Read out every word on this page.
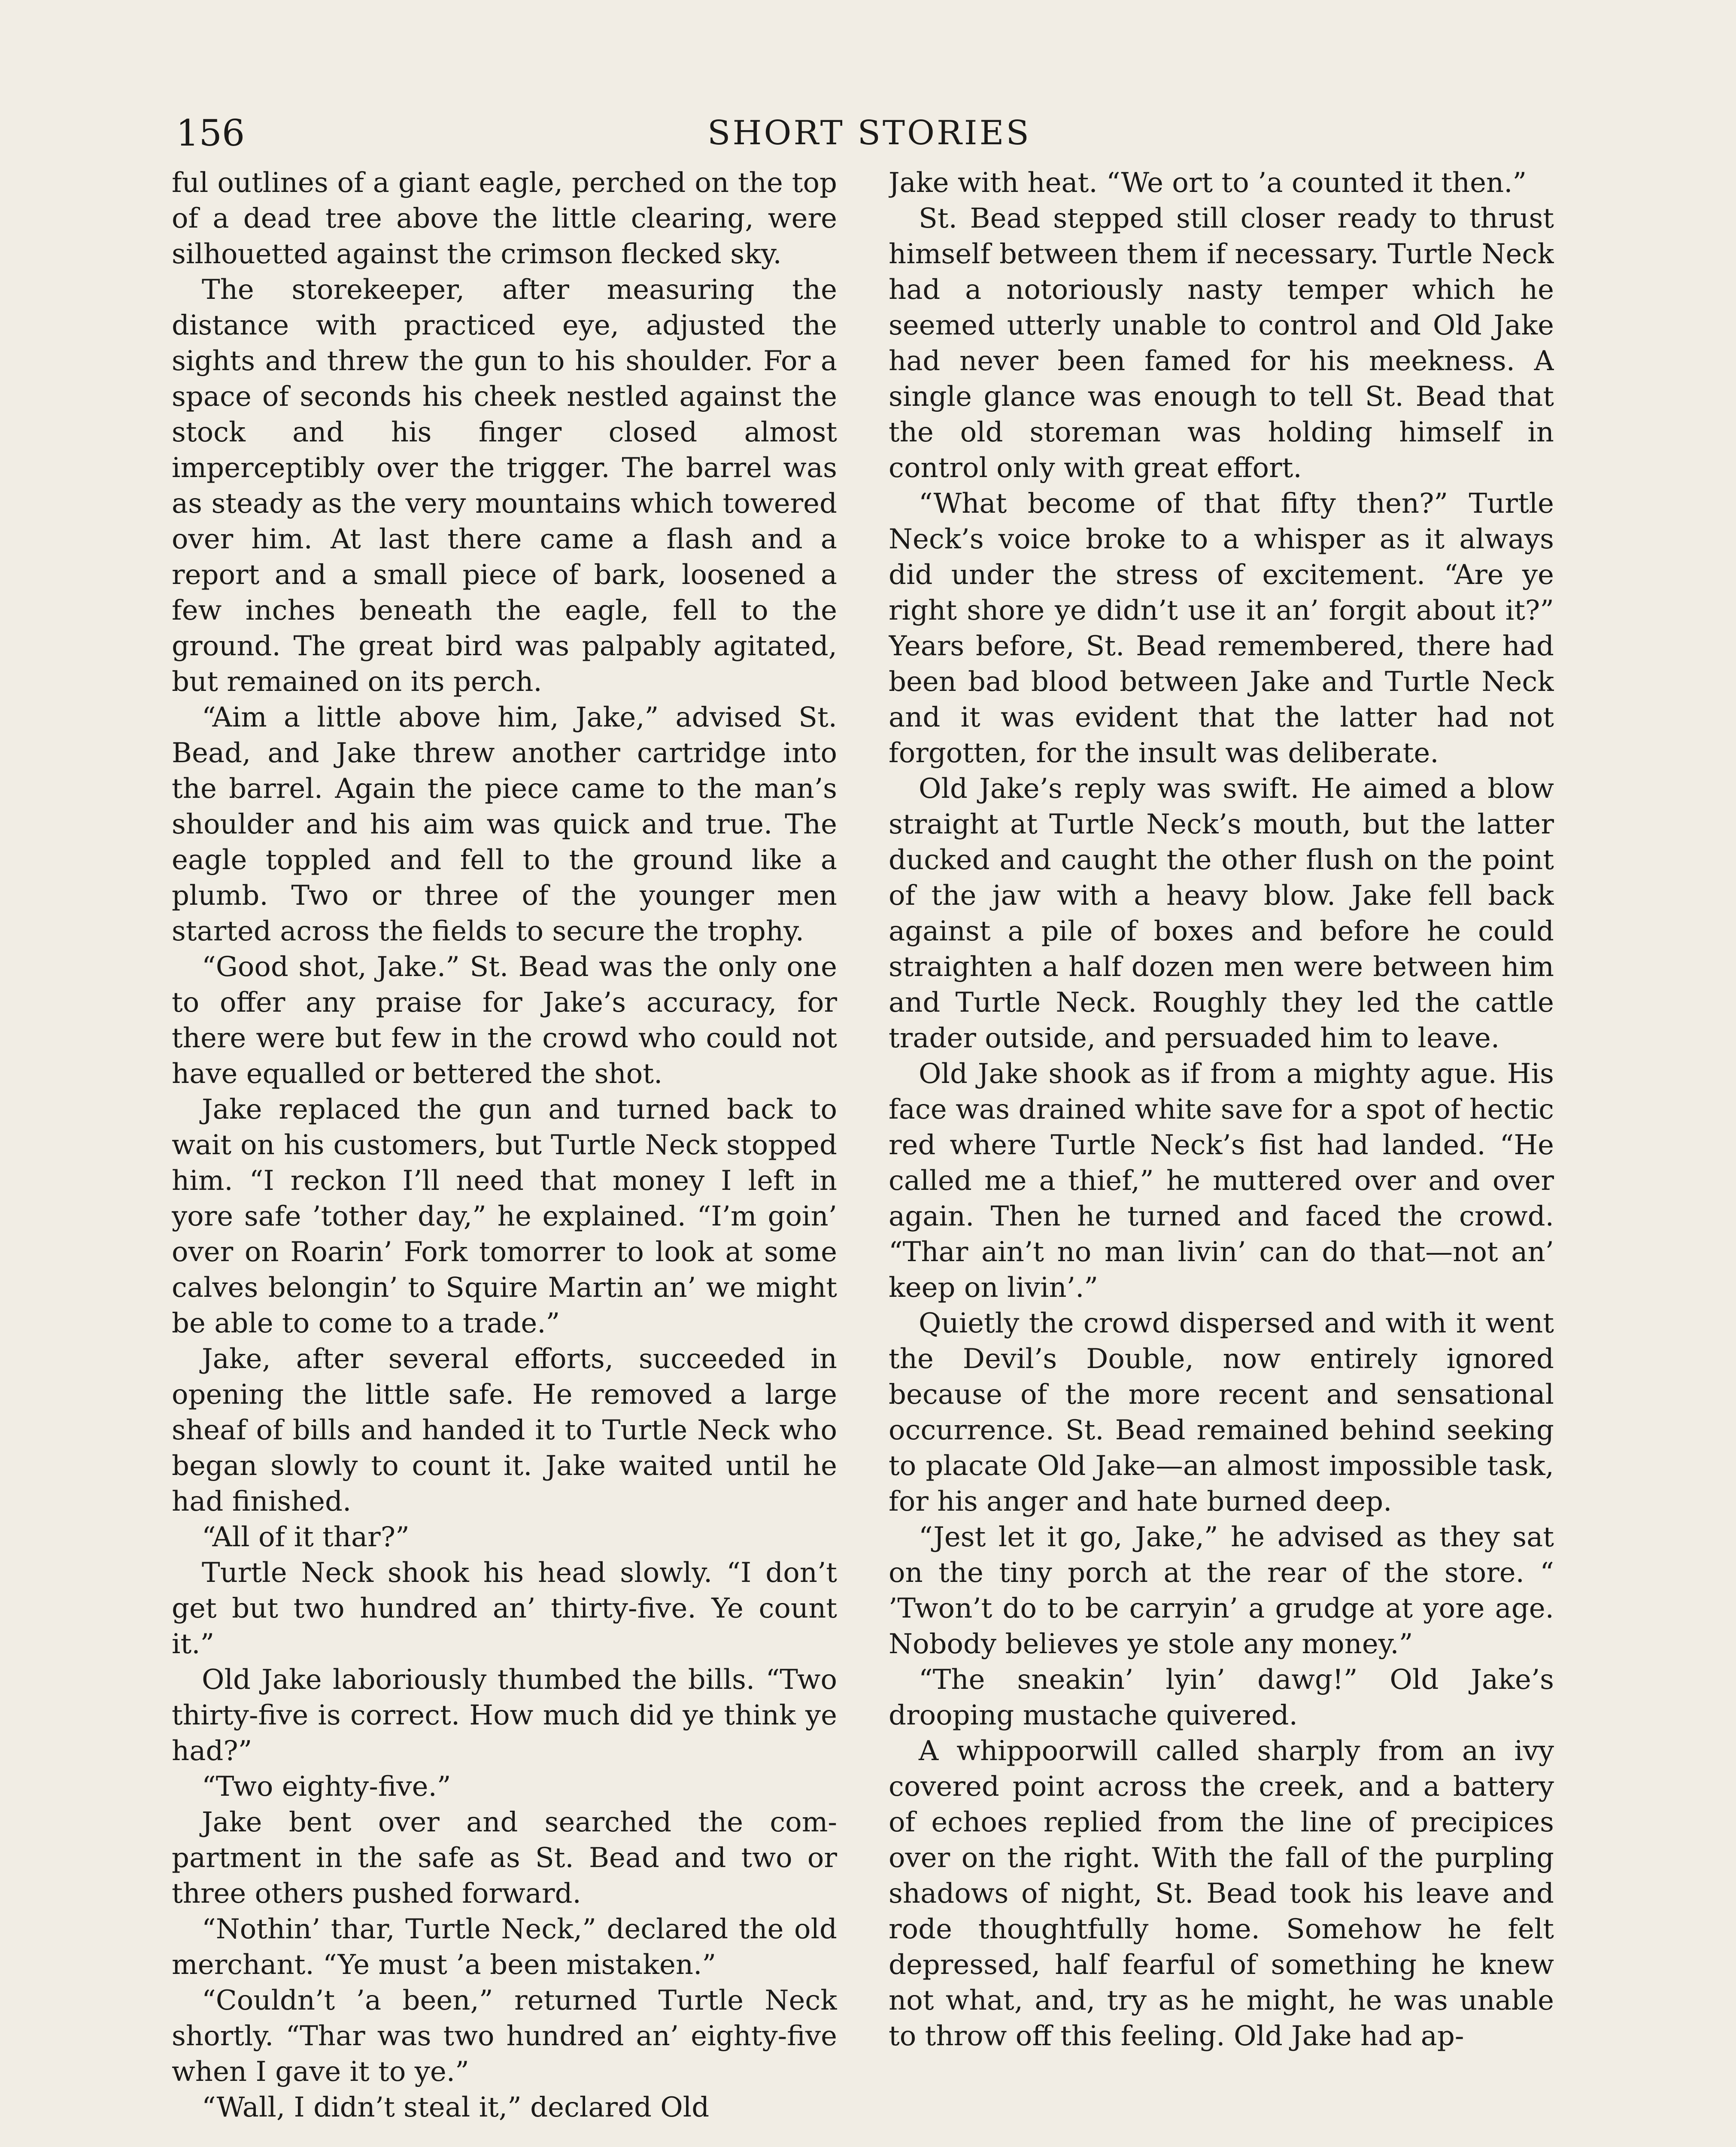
156	SHORT STORIES

ful outlines of a giant eagle, perched on the top of a dead tree above the little clearing, were silhouetted against the crimson flecked sky.

The storekeeper, after measuring the distance with practiced eye, adjusted the sights and threw the gun to his shoulder. For a space of seconds his cheek nestled against the stock and his finger closed almost imperceptibly over the trigger. The barrel was as steady as the very mountains which towered over him. At last there came a flash and a report and a small piece of bark, loosened a few inches beneath the eagle, fell to the ground. The great bird was palpably agitated, but remained on its perch.

“Aim a little above him, Jake,” advised St. Bead, and Jake threw another cartridge into the barrel. Again the piece came to the man’s shoulder and his aim was quick and true. The eagle toppled and fell to the ground like a plumb. Two or three of the younger men started across the fields to secure the trophy.

“Good shot, Jake.” St. Bead was the only one to offer any praise for Jake’s accuracy, for there were but few in the crowd who could not have equalled or bettered the shot.

Jake replaced the gun and turned back to wait on his customers, but Turtle Neck stopped him. “I reckon I’ll need that money I left in yore safe ’tother day,” he explained. “I’m goin’ over on Roarin’ Fork tomorrer to look at some calves belongin’ to Squire Martin an’ we might be able to come to a trade.”

Jake, after several efforts, succeeded in opening the little safe. He removed a large sheaf of bills and handed it to Turtle Neck who began slowly to count it. Jake waited until he had finished.

“All of it thar?”

Turtle Neck shook his head slowly. “I don’t get but two hundred an’ thirty-five. Ye count it.”

Old Jake laboriously thumbed the bills. “Two thirty-five is correct. How much did ye think ye had?”

“Two eighty-five.”

Jake bent over and searched the compartment in the safe as St. Bead and two or three others pushed forward.

“Nothin’ thar, Turtle Neck,” declared the old merchant. “Ye must ’a been mistaken.”

“Couldn’t ’a been,” returned Turtle Neck shortly. “Thar was two hundred an’ eighty-five when I gave it to ye.”

“Wall, I didn’t steal it,” declared Old

Jake with heat. “We ort to ’a counted it then.”

St. Bead stepped still closer ready to thrust himself between them if necessary. Turtle Neck had a notoriously nasty temper which he seemed utterly unable to control and Old Jake had never been famed for his meekness. A single glance was enough to tell St. Bead that the old storeman was holding himself in control only with great effort.

“What become of that fifty then?” Turtle Neck’s voice broke to a whisper as it always did under the stress of excitement. “Are ye right shore ye didn’t use it an’ forgit about it?” Years before, St. Bead remembered, there had been bad blood between Jake and Turtle Neck and it was evident that the latter had not forgotten, for the insult was deliberate.

Old Jake’s reply was swift. He aimed a blow straight at Turtle Neck’s mouth, but the latter ducked and caught the other flush on the point of the jaw with a heavy blow. Jake fell back against a pile of boxes and before he could straighten a half dozen men were between him and Turtle Neck. Roughly they led the cattle trader outside, and persuaded him to leave.

Old Jake shook as if from a mighty ague. His face was drained white save for a spot of hectic red where Turtle Neck’s fist had landed. “He called me a thief,” he muttered over and over again. Then he turned and faced the crowd. “Thar ain’t no man livin’ can do that—not an’ keep on livin’.”

Quietly the crowd dispersed and with it went the Devil’s Double, now entirely ignored because of the more recent and sensational occurrence. St. Bead remained behind seeking to placate Old Jake—an almost impossible task, for his anger and hate burned deep.

“Jest let it go, Jake,” he advised as they sat on the tiny porch at the rear of the store. “ ’Twon’t do to be carryin’ a grudge at yore age. Nobody believes ye stole any money.”

“The sneakin’ lyin’ dawg!” Old Jake’s drooping mustache quivered.

A whippoorwill called sharply from an ivy covered point across the creek, and a battery of echoes replied from the line of precipices over on the right. With the fall of the purpling shadows of night, St. Bead took his leave and rode thoughtfully home. Somehow he felt depressed, half fearful of something he knew not what, and, try as he might, he was unable to throw off this feeling. Old Jake had ap-
